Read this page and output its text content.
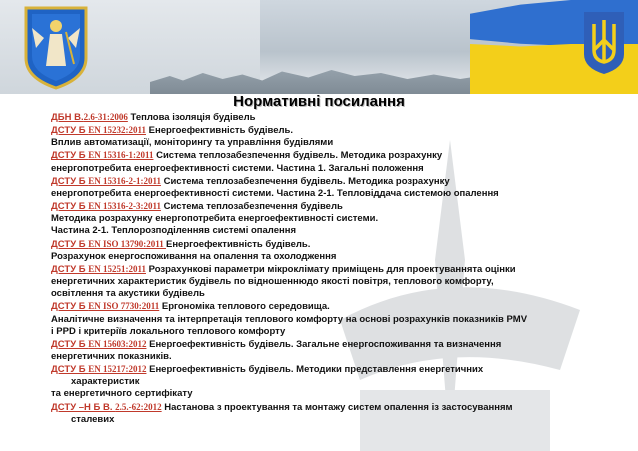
Нормативні посилання
ДБН В.2.6-31:2006 Теплова ізоляція будівель
ДСТУ Б EN 15232:2011 Енергоефективність будівель.
Вплив автоматизації, моніторингу та управління будівлями
ДСТУ Б EN 15316-1:2011 Система теплозабезпечення будівель. Методика розрахунку
енергопотребита енергоефективності системи. Частина 1. Загальні положення
ДСТУ Б EN 15316-2-1:2011 Система теплозабезпечення будівель. Методика розрахунку
енергопотребита енергоефективності системи. Частина 2-1. Тепловіддача системою опалення
ДСТУ Б EN 15316-2-3:2011 Система теплозабезпечення будівель
Методика розрахунку енергопотребита енергоефективності системи.
Частина 2-1. Теплорозподіленняв системі опалення
ДСТУ Б EN ISO 13790:2011 Енергоефективність будівель.
Розрахунок енергоспоживання на опалення та охолодження
ДСТУ Б EN 15251:2011 Розрахункові параметри мікроклімату приміщень для проектуваннята оцінки
енергетичних характеристик будівель по відношеннюдо якості повітря, теплового комфорту,
освітлення та акустики будівель
ДСТУ Б EN ISO 7730:2011 Ергономіка теплового середовища.
Аналітичне визначення та інтерпретація теплового комфорту на основі розрахунків показників PMV
і PPD і критеріїв локального теплового комфорту
ДСТУ Б EN 15603:2012 Енергоефективність будівель. Загальне енергоспоживання та визначення
енергетичних показників.
ДСТУ Б EN 15217:2012 Енергоефективність будівель. Методики представлення енергетичних
характеристик
та енергетичного сертифікату
ДСТУ –Н Б В. 2.5.-62:2012 Настанова з проектування та монтажу систем опалення із застосуванням
сталевих
